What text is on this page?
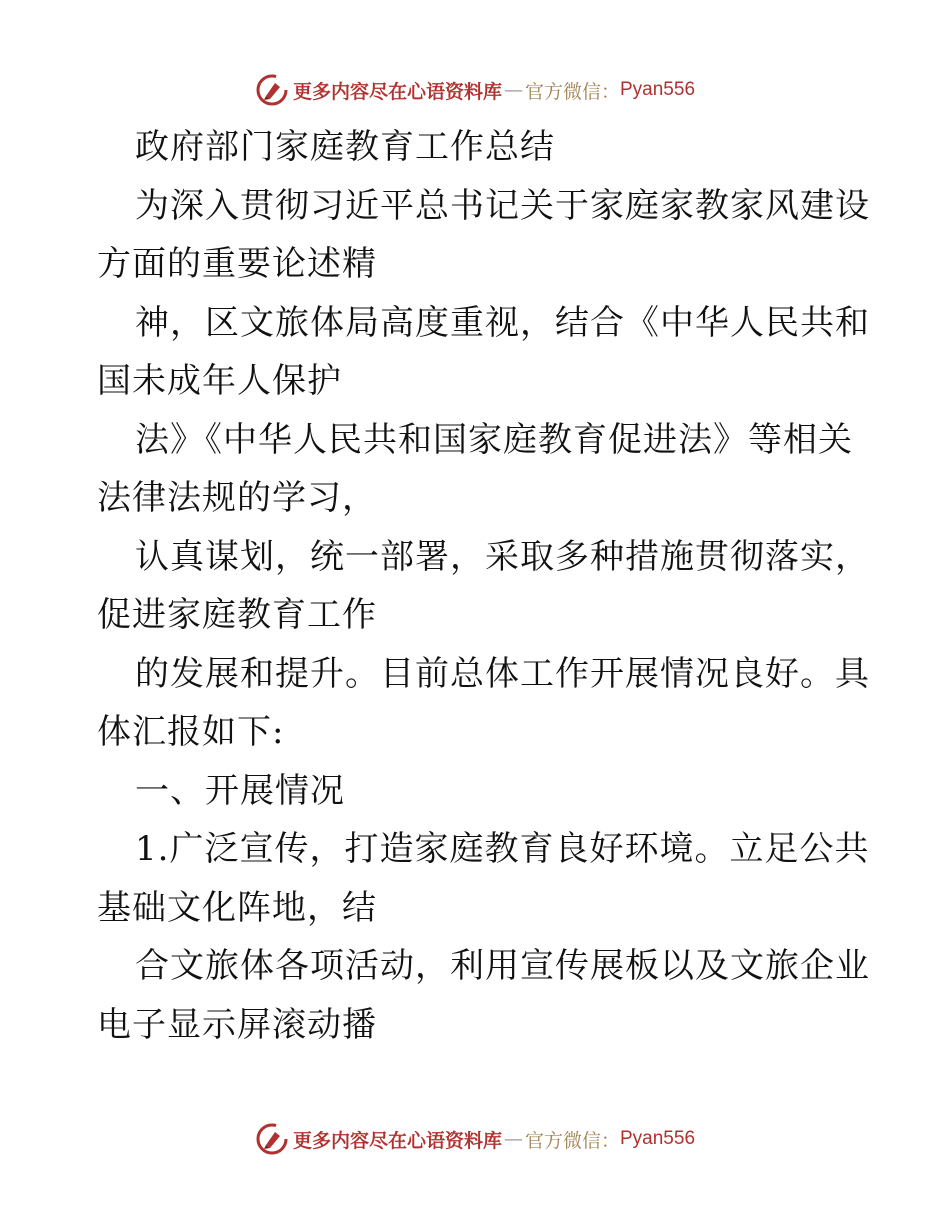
更多内容尽在心语资料库 — 官方微信： Pyan556
政府部门家庭教育工作总结
为深入贯彻习近平总书记关于家庭家教家风建设
方面的重要论述精
神，区文旅体局高度重视，结合《中华人民共和
国未成年人保护
法》《中华人民共和国家庭教育促进法》等相关
法律法规的学习，
认真谋划，统一部署，采取多种措施贯彻落实，
促进家庭教育工作
的发展和提升。目前总体工作开展情况良好。具
体汇报如下:
一、开展情况
1.广泛宣传，打造家庭教育良好环境。立足公共
基础文化阵地，结
合文旅体各项活动，利用宣传展板以及文旅企业
电子显示屏滚动播
更多内容尽在心语资料库 — 官方微信： Pyan556
